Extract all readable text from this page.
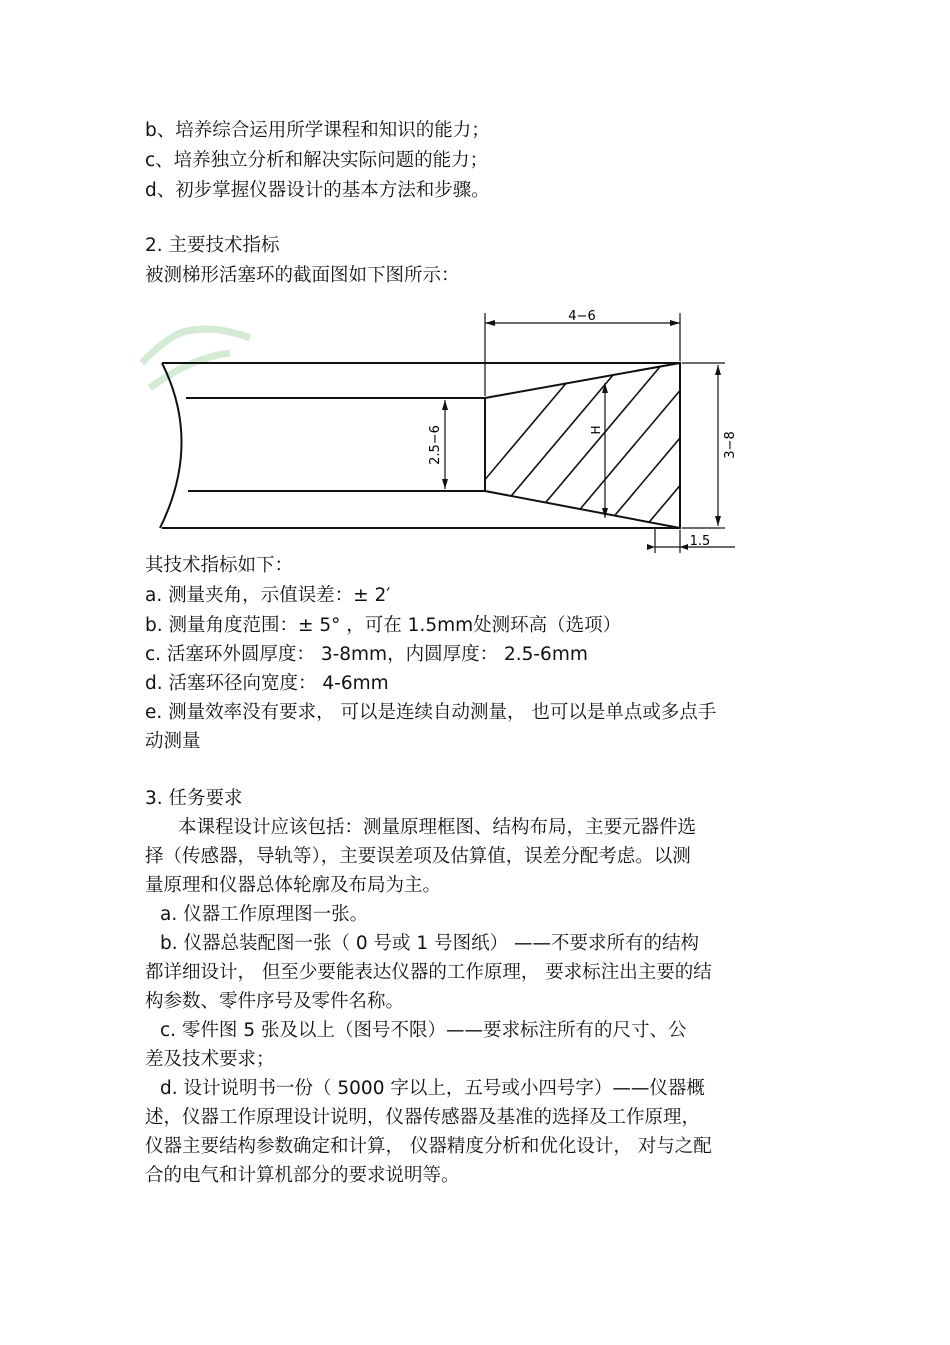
b、培养综合运用所学课程和知识的能力；
c、培养独立分析和解决实际问题的能力；
d、初步掌握仪器设计的基本方法和步骤。
2. 主要技术指标
被测梯形活塞环的截面图如下图所示：
4−6
2.5−6	H
3−8
1.5
其技术指标如下：
a. 测量夹角，示值误差：± 2′
b. 测量角度范围：± 5° ，可在 1.5mm处测环高（选项）
c. 活塞环外圆厚度： 3-8mm，内圆厚度： 2.5-6mm
d. 活塞环径向宽度： 4-6mm
e. 测量效率没有要求， 可以是连续自动测量， 也可以是单点或多点手
动测量
3. 任务要求
本课程设计应该包括：测量原理框图、结构布局，主要元器件选
择（传感器，导轨等），主要误差项及估算值，误差分配考虑。以测
量原理和仪器总体轮廓及布局为主。
a. 仪器工作原理图一张。
b. 仪器总装配图一张（ 0 号或 1 号图纸） ——不要求所有的结构
都详细设计， 但至少要能表达仪器的工作原理， 要求标注出主要的结
构参数、零件序号及零件名称。
c. 零件图 5 张及以上（图号不限）——要求标注所有的尺寸、公
差及技术要求；
d. 设计说明书一份（ 5000 字以上，五号或小四号字）——仪器概
述，仪器工作原理设计说明，仪器传感器及基准的选择及工作原理，
仪器主要结构参数确定和计算， 仪器精度分析和优化设计， 对与之配
合的电气和计算机部分的要求说明等。
